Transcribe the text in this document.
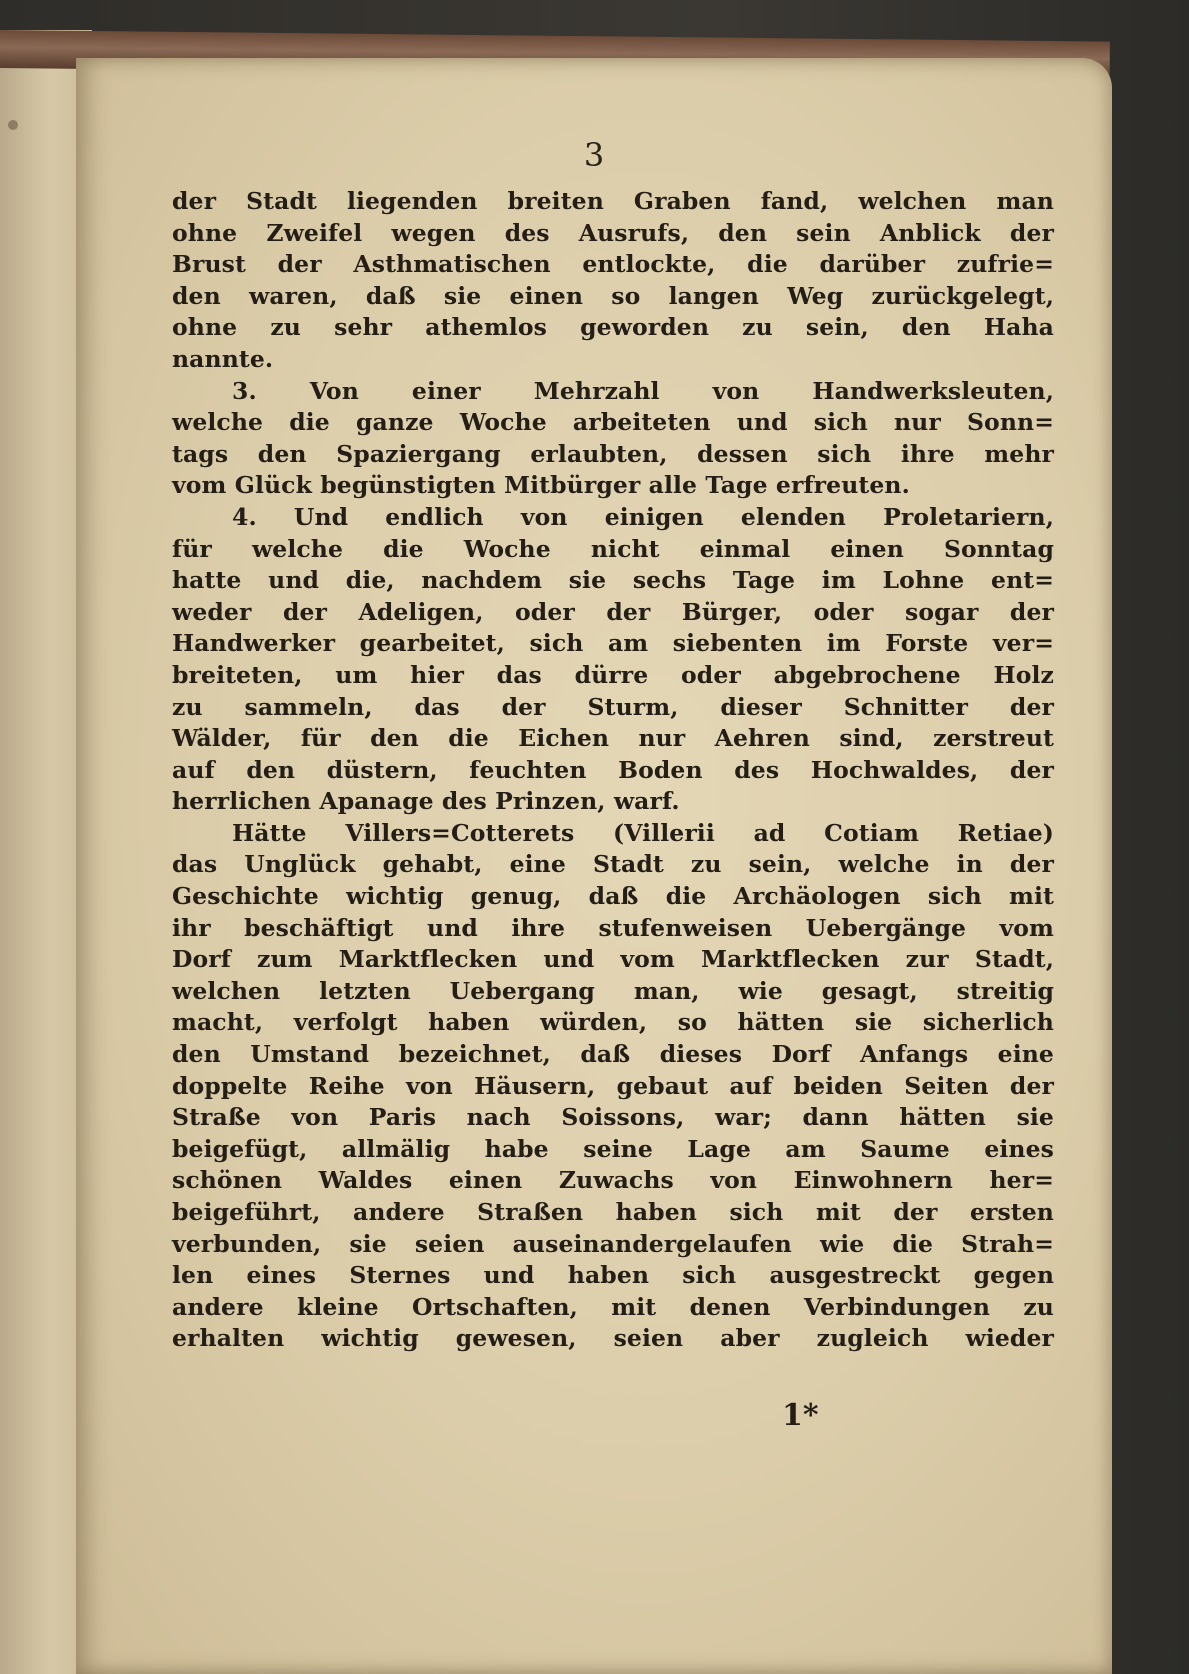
3

der Stadt liegenden breiten Graben fand, welchen man
ohne Zweifel wegen des Ausrufs, den sein Anblick der
Brust der Asthmatischen entlockte, die darüber zufrie=
den waren, daß sie einen so langen Weg zurückgelegt,
ohne zu sehr athemlos geworden zu sein, den Haha
nannte.

3. Von einer Mehrzahl von Handwerksleuten,
welche die ganze Woche arbeiteten und sich nur Sonn=
tags den Spaziergang erlaubten, dessen sich ihre mehr
vom Glück begünstigten Mitbürger alle Tage erfreuten.

4. Und endlich von einigen elenden Proletariern,
für welche die Woche nicht einmal einen Sonntag
hatte und die, nachdem sie sechs Tage im Lohne ent=
weder der Adeligen, oder der Bürger, oder sogar der
Handwerker gearbeitet, sich am siebenten im Forste ver=
breiteten, um hier das dürre oder abgebrochene Holz
zu sammeln, das der Sturm, dieser Schnitter der
Wälder, für den die Eichen nur Aehren sind, zerstreut
auf den düstern, feuchten Boden des Hochwaldes, der
herrlichen Apanage des Prinzen, warf.

Hätte Villers=Cotterets (Villerii ad Cotiam Retiae)
das Unglück gehabt, eine Stadt zu sein, welche in der
Geschichte wichtig genug, daß die Archäologen sich mit
ihr beschäftigt und ihre stufenweisen Uebergänge vom
Dorf zum Marktflecken und vom Marktflecken zur Stadt,
welchen letzten Uebergang man, wie gesagt, streitig
macht, verfolgt haben würden, so hätten sie sicherlich
den Umstand bezeichnet, daß dieses Dorf Anfangs eine
doppelte Reihe von Häusern, gebaut auf beiden Seiten der
Straße von Paris nach Soissons, war; dann hätten sie
beigefügt, allmälig habe seine Lage am Saume eines
schönen Waldes einen Zuwachs von Einwohnern her=
beigeführt, andere Straßen haben sich mit der ersten
verbunden, sie seien auseinandergelaufen wie die Strah=
len eines Sternes und haben sich ausgestreckt gegen
andere kleine Ortschaften, mit denen Verbindungen zu
erhalten wichtig gewesen, seien aber zugleich wieder

1*
